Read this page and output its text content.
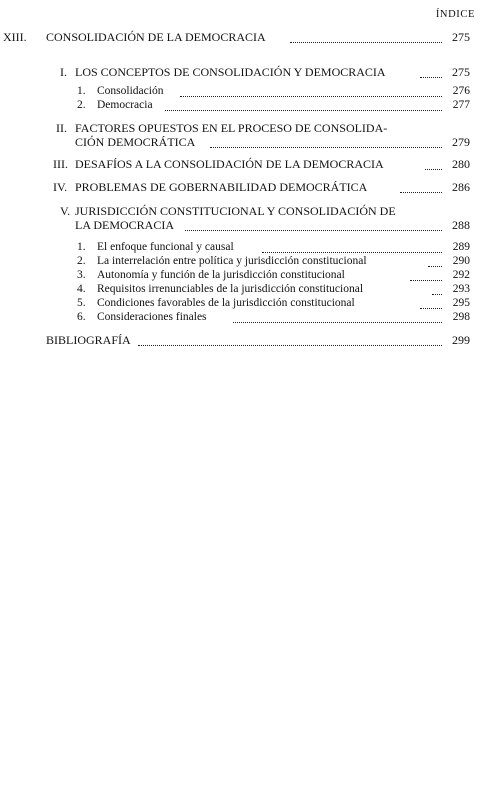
ÍNDICE
XIII. CONSOLIDACIÓN DE LA DEMOCRACIA	275
I. LOS CONCEPTOS DE CONSOLIDACIÓN Y DEMOCRACIA	275
1. Consolidación	276
2. Democracia	277
II. FACTORES OPUESTOS EN EL PROCESO DE CONSOLIDA-
CIÓN DEMOCRÁTICA	279
III. DESAFÍOS A LA CONSOLIDACIÓN DE LA DEMOCRACIA	280
IV. PROBLEMAS DE GOBERNABILIDAD DEMOCRÁTICA	286
V. JURISDICCIÓN CONSTITUCIONAL Y CONSOLIDACIÓN DE
LA DEMOCRACIA	288
1. El enfoque funcional y causal	289
2. La interrelación entre política y jurisdicción constitucional	290
3. Autonomía y función de la jurisdicción constitucional	292
4. Requisitos irrenunciables de la jurisdicción constitucional	293
5. Condiciones favorables de la jurisdicción constitucional	295
6. Consideraciones finales	298
BIBLIOGRAFÍA	299
